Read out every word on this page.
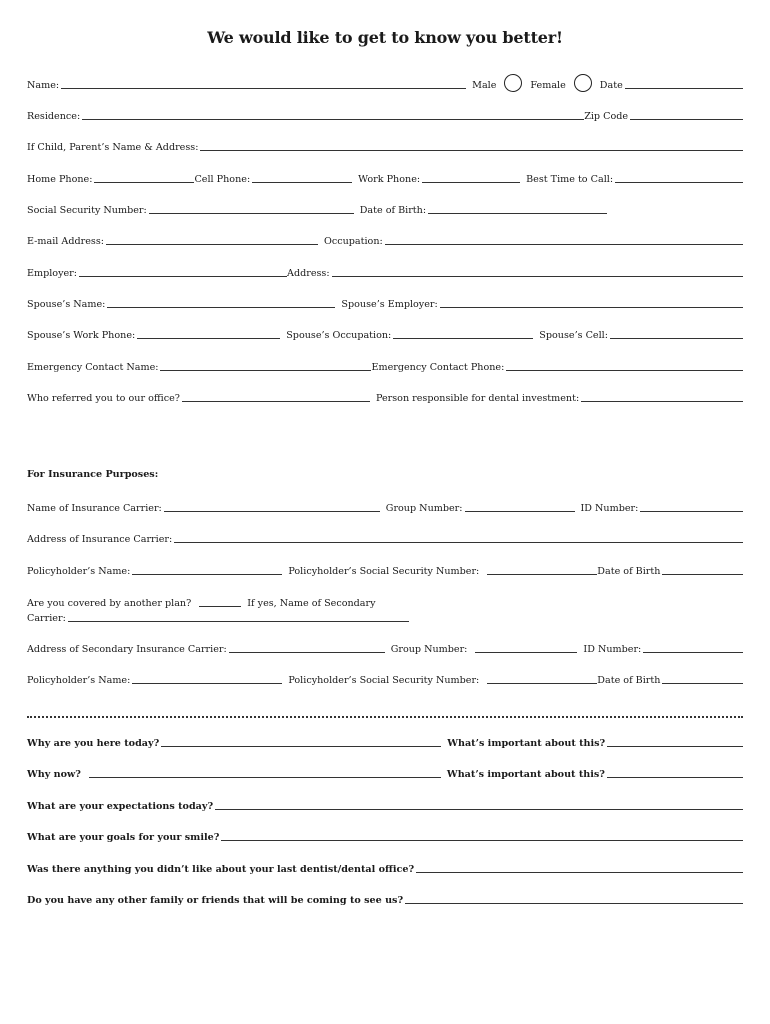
We would like to get to know you better!
Name:	Male	Female	Date
Residence:	Zip Code
If Child, Parent’s Name & Address:
Home Phone:	Cell Phone:	Work Phone:	Best Time to Call:
Social Security Number:	Date of Birth:
E-mail Address:	Occupation:
Employer:	Address:
Spouse’s Name:	Spouse’s Employer:
Spouse’s Work Phone:	Spouse’s Occupation:	Spouse’s Cell:
Emergency Contact Name:	Emergency Contact Phone:
Who referred you to our office?	Person responsible for dental investment:
For Insurance Purposes:
Name of Insurance Carrier:	Group Number:	ID Number:
Address of Insurance Carrier:
Policyholder’s Name:	Policyholder’s Social Security Number:	Date of Birth
Are you covered by another plan?	If yes, Name of Secondary
Carrier:
Address of Secondary Insurance Carrier:	Group Number:	ID Number:
Policyholder’s Name:	Policyholder’s Social Security Number:	Date of Birth
Why are you here today?	What’s important about this?
Why now?	What’s important about this?
What are your expectations today?
What are your goals for your smile?
Was there anything you didn’t like about your last dentist/dental office?
Do you have any other family or friends that will be coming to see us?
